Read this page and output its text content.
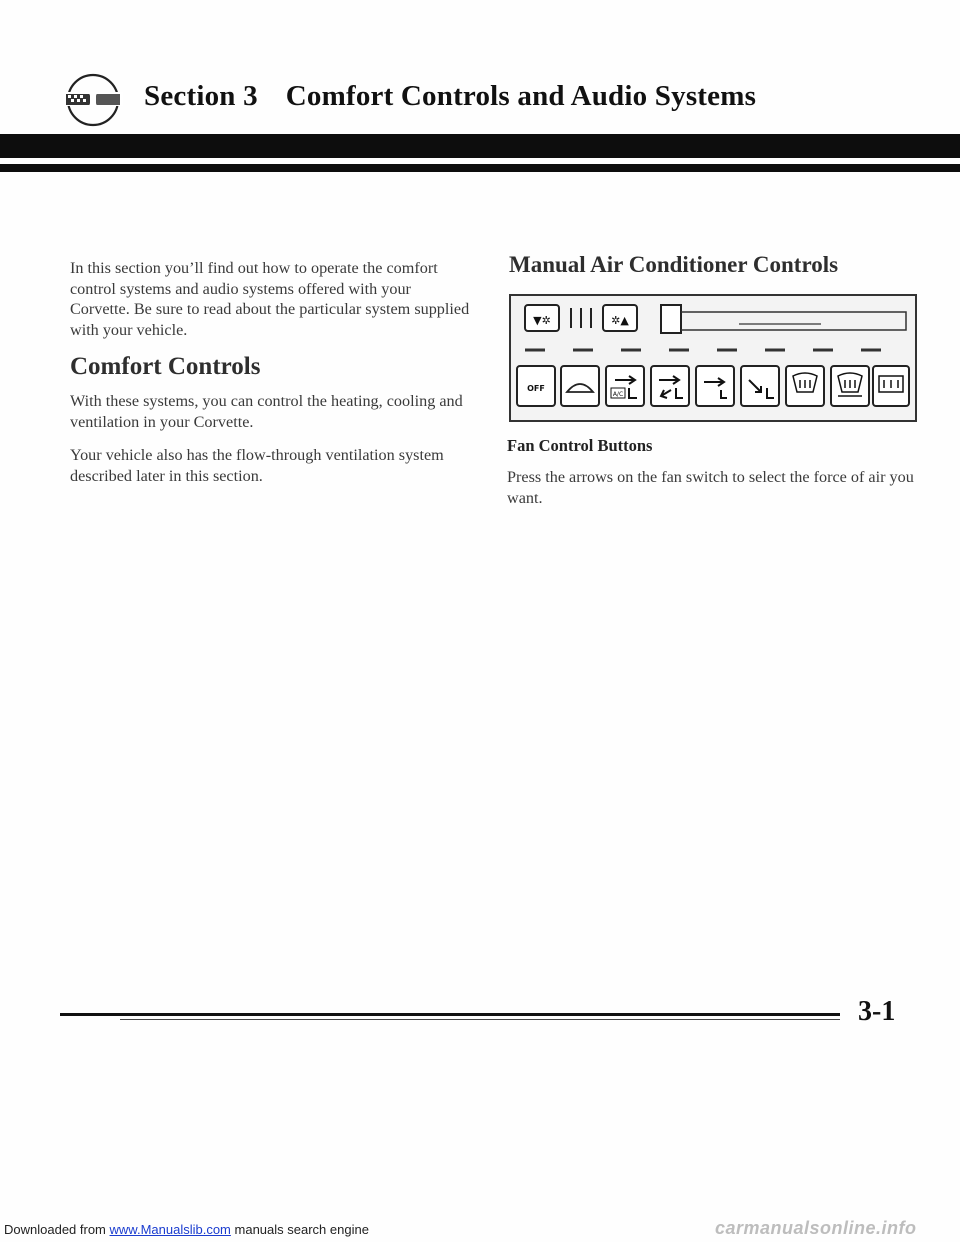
Section 3 Comfort Controls and Audio Systems

In this section you’ll find out how to operate the comfort control systems and audio systems offered with your Corvette. Be sure to read about the particular system supplied with your vehicle.

Comfort Controls

With these systems, you can control the heating, cooling and ventilation in your Corvette.

Your vehicle also has the flow-through ventilation system described later in this section.

Manual Air Conditioner Controls
▼✲	✲▲
OFF
A/C
Fan Control Buttons

Press the arrows on the fan switch to select the force of air you want.

3-1

Downloaded from www.Manualslib.com manuals search engine	carmanualsonline.info
